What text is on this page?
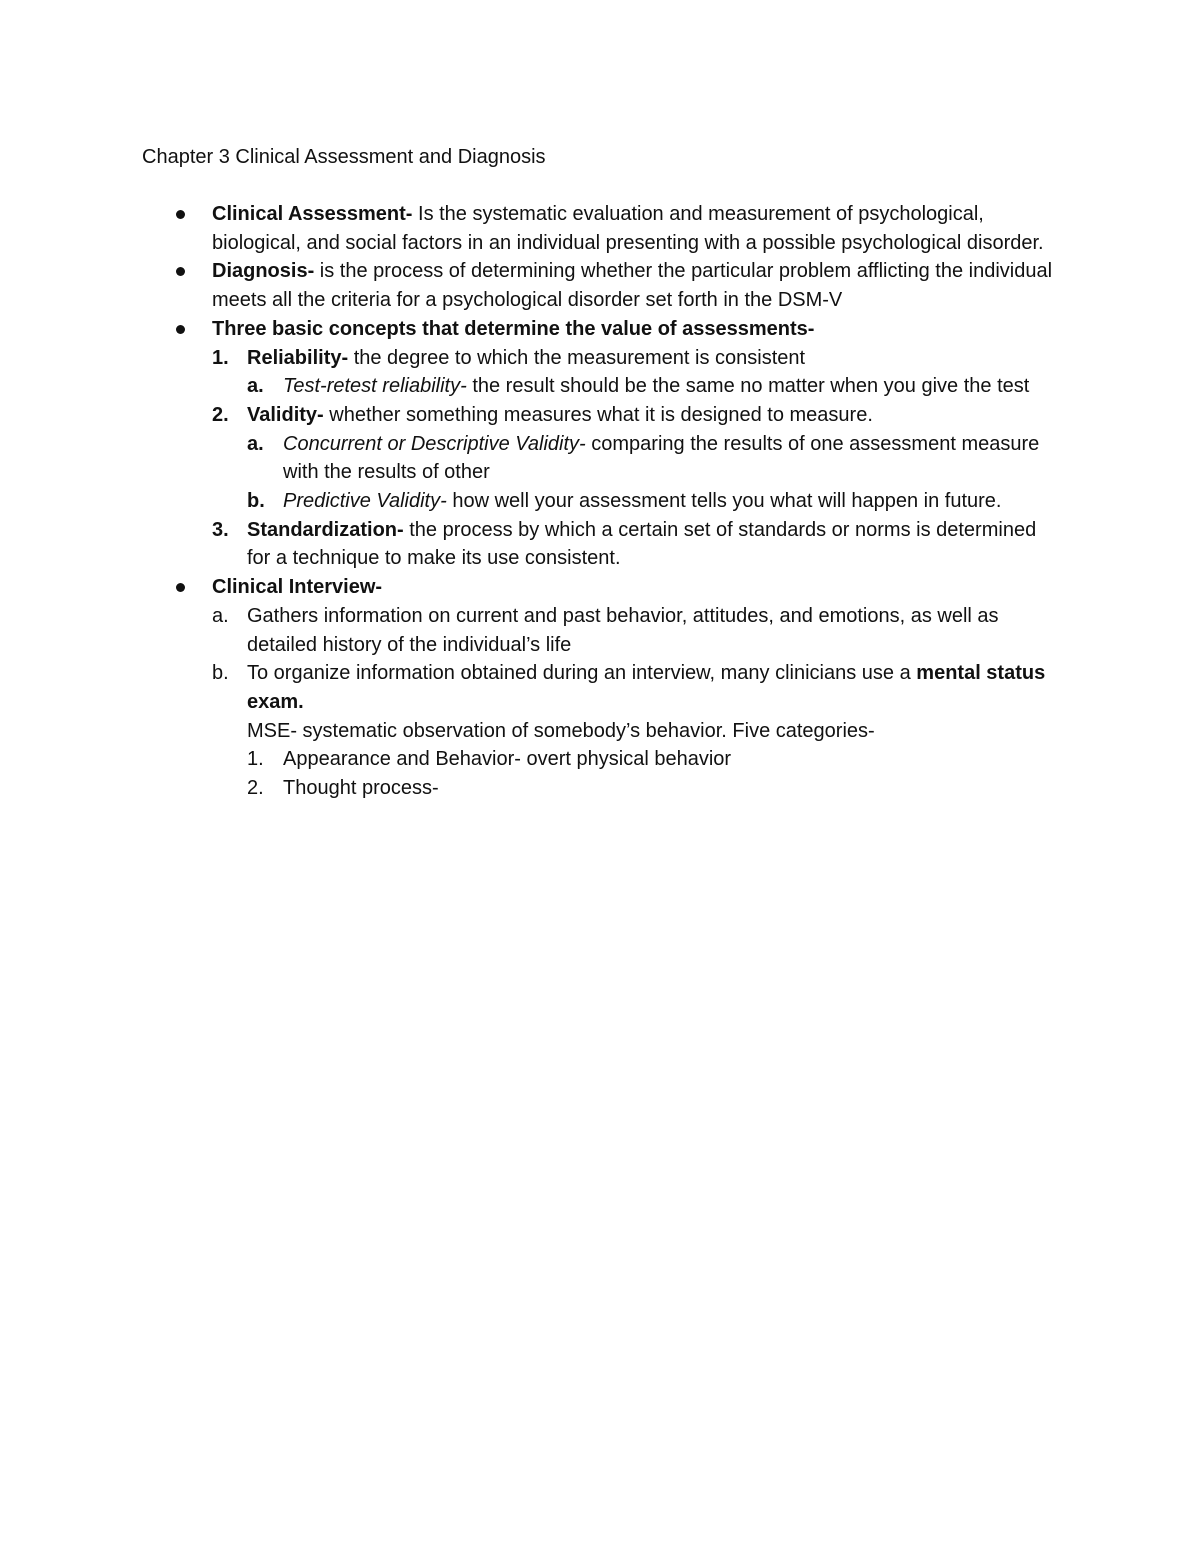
Chapter 3 Clinical Assessment and Diagnosis
Clinical Assessment- Is the systematic evaluation and measurement of psychological, biological, and social factors in an individual presenting with a possible psychological disorder.
Diagnosis- is the process of determining whether the particular problem afflicting the individual meets all the criteria for a psychological disorder set forth in the DSM-V
Three basic concepts that determine the value of assessments-
1. Reliability- the degree to which the measurement is consistent
a. Test-retest reliability- the result should be the same no matter when you give the test
2. Validity- whether something measures what it is designed to measure.
a. Concurrent or Descriptive Validity- comparing the results of one assessment measure with the results of other
b. Predictive Validity- how well your assessment tells you what will happen in future.
3. Standardization- the process by which a certain set of standards or norms is determined for a technique to make its use consistent.
Clinical Interview-
a. Gathers information on current and past behavior, attitudes, and emotions, as well as detailed history of the individual’s life
b. To organize information obtained during an interview, many clinicians use a mental status exam.
MSE- systematic observation of somebody’s behavior. Five categories-
1. Appearance and Behavior- overt physical behavior
2. Thought process-
